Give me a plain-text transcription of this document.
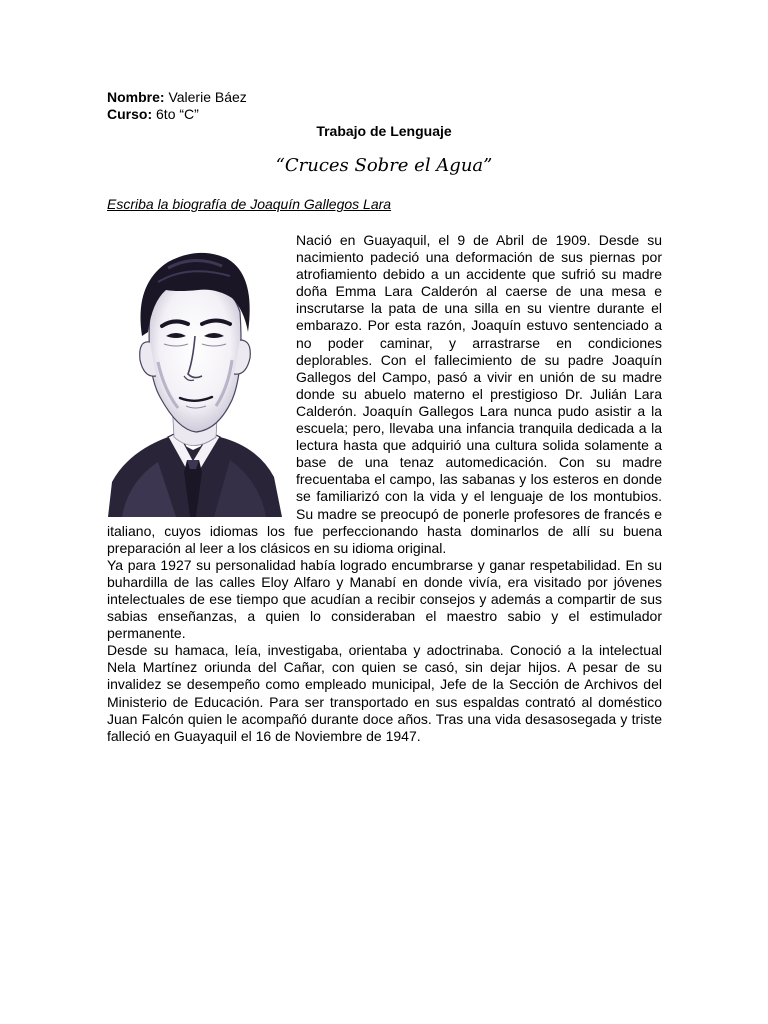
Nombre: Valerie Báez
Curso: 6to “C”
Trabajo de Lenguaje
“Cruces Sobre el Agua”
Escriba la biografía de Joaquín Gallegos Lara

Nació en Guayaquil, el 9 de Abril de 1909. Desde su nacimiento padeció una deformación de sus piernas por atrofiamiento debido a un accidente que sufrió su madre doña Emma Lara Calderón al caerse de una mesa e inscrutarse la pata de una silla en su vientre durante el embarazo. Por esta razón, Joaquín estuvo sentenciado a no poder caminar, y arrastrarse en condiciones deplorables. Con el fallecimiento de su padre Joaquín Gallegos del Campo, pasó a vivir en unión de su madre donde su abuelo materno el prestigioso Dr. Julián Lara Calderón. Joaquín Gallegos Lara nunca pudo asistir a la escuela; pero, llevaba una infancia tranquila dedicada a la lectura hasta que adquirió una cultura solida solamente a base de una tenaz automedicación. Con su madre frecuentaba el campo, las sabanas y los esteros en donde se familiarizó con la vida y el lenguaje de los montubios. Su madre se preocupó de ponerle profesores de francés e italiano, cuyos idiomas los fue perfeccionando hasta dominarlos de allí su buena preparación al leer a los clásicos en su idioma original.

Ya para 1927 su personalidad había logrado encumbrarse y ganar respetabilidad. En su buhardilla de las calles Eloy Alfaro y Manabí en donde vivía, era visitado por jóvenes intelectuales de ese tiempo que acudían a recibir consejos y además a compartir de sus sabias enseñanzas, a quien lo consideraban el maestro sabio y el estimulador permanente.

Desde su hamaca, leía, investigaba, orientaba y adoctrinaba. Conoció a la intelectual Nela Martínez oriunda del Cañar, con quien se casó, sin dejar hijos. A pesar de su invalidez se desempeño como empleado municipal, Jefe de la Sección de Archivos del Ministerio de Educación. Para ser transportado en sus espaldas contrató al doméstico Juan Falcón quien le acompañó durante doce años. Tras una vida desasosegada y triste falleció en Guayaquil el 16 de Noviembre de 1947.
